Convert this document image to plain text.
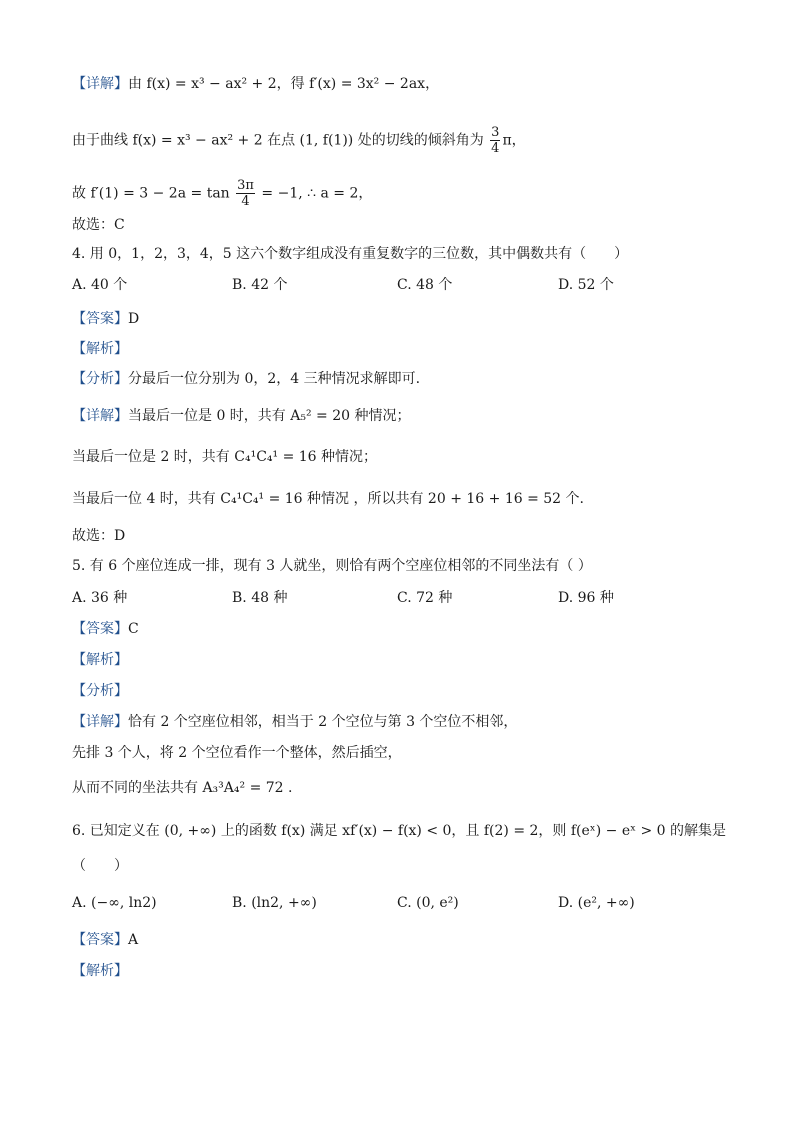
【详解】由 f(x) = x³ − ax² + 2，得 f′(x) = 3x² − 2ax，
由于曲线 f(x) = x³ − ax² + 2 在点 (1, f(1)) 处的切线的倾斜角为 $\frac{3}{4}$ π，
故 $f'(1) = 3 - 2a = \tan \frac{3\pi}{4} = -1$, ∴ a = 2，
故选：C
4. 用 0，1，2，3，4，5 这六个数字组成没有重复数字的三位数，其中偶数共有（　　）
【答案】D
【解析】
【分析】分最后一位分别为 0，2，4 三种情况求解即可.
【详解】当最后一位是 0 时，共有 A₅² = 20 种情况；
当最后一位是 2 时，共有 C₄¹C₄¹ = 16 种情况；
当最后一位 4 时，共有 C₄¹C₄¹ = 16 种情况 ，所以共有 20 + 16 + 16 = 52 个.
故选：D
5. 有 6 个座位连成一排，现有 3 人就坐，则恰有两个空座位相邻的不同坐法有（ ）
【答案】C
【解析】
【分析】
【详解】恰有 2 个空座位相邻，相当于 2 个空位与第 3 个空位不相邻，
先排 3 个人，将 2 个空位看作一个整体，然后插空，
从而不同的坐法共有 A₃³A₄² = 72 .
6. 已知定义在 (0, +∞) 上的函数 f(x) 满足 xf′(x) − f(x) < 0，且 f(2) = 2，则 f(eˣ) − eˣ > 0 的解集是
（　　）
【答案】A
【解析】
A. 40 个	B. 42 个	C. 48 个	D. 52 个
A. 36 种	B. 48 种	C. 72 种	D. 96 种
A. (−∞, ln2)	B. (ln2, +∞)	C. (0, e²)	D. (e², +∞)
